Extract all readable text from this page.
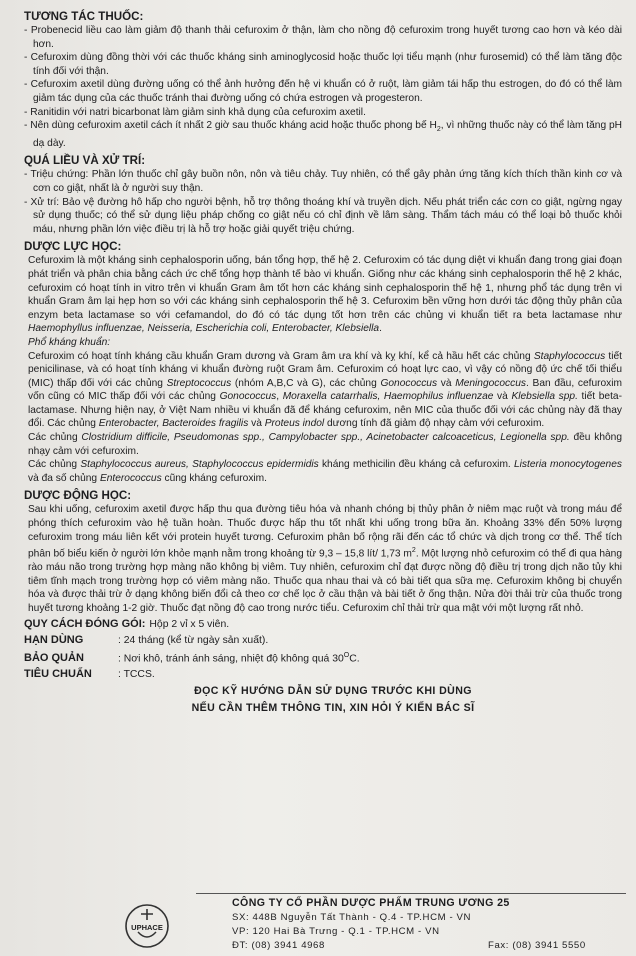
TƯƠNG TÁC THUỐC:

- Probenecid liều cao làm giảm độ thanh thải cefuroxim ở thận, làm cho nồng độ cefuroxim trong huyết tương cao hơn và kéo dài hơn.

- Cefuroxim dùng đồng thời với các thuốc kháng sinh aminoglycosid hoặc thuốc lợi tiểu mạnh (như furosemid) có thể làm tăng độc tính đối với thận.

- Cefuroxim axetil dùng đường uống có thể ảnh hưởng đến hệ vi khuẩn có ở ruột, làm giảm tái hấp thu estrogen, do đó có thể làm giảm tác dụng của các thuốc tránh thai đường uống có chứa estrogen và progesteron.

- Ranitidin với natri bicarbonat làm giảm sinh khả dụng của cefuroxim axetil.

- Nên dùng cefuroxim axetil cách ít nhất 2 giờ sau thuốc kháng acid hoặc thuốc phong bế $H_2$, vì những thuốc này có thể làm tăng pH dạ dày.

QUÁ LIỀU VÀ XỬ TRÍ:

- Triệu chứng: Phần lớn thuốc chỉ gây buồn nôn, nôn và tiêu chảy. Tuy nhiên, có thể gây phản ứng tăng kích thích thần kinh cơ và cơn co giật, nhất là ở người suy thận.

- Xử trí: Bảo vệ đường hô hấp cho người bệnh, hỗ trợ thông thoáng khí và truyền dịch. Nếu phát triển các cơn co giật, ngừng ngay sử dụng thuốc; có thể sử dụng liệu pháp chống co giật nếu có chỉ định về lâm sàng. Thẩm tách máu có thể loại bỏ thuốc khỏi máu, nhưng phần lớn việc điều trị là hỗ trợ hoặc giải quyết triệu chứng.

DƯỢC LỰC HỌC:

Cefuroxim là một kháng sinh cephalosporin uống, bán tổng hợp, thế hệ 2. Cefuroxim có tác dụng diệt vi khuẩn đang trong giai đoạn phát triển và phân chia bằng cách ức chế tổng hợp thành tế bào vi khuẩn. Giống như các kháng sinh cephalosporin thế hệ 2 khác, cefuroxim có hoạt tính in vitro trên vi khuẩn Gram âm tốt hơn các kháng sinh cephalosporin thế hệ 1, nhưng phổ tác dụng trên vi khuẩn Gram âm lại hẹp hơn so với các kháng sinh cephalosporin thế hệ 3. Cefuroxim bền vững hơn dưới tác động thủy phân của enzym beta lactamase so với cefamandol, do đó có tác dụng tốt hơn trên các chủng vi khuẩn tiết ra beta lactamase như Haemophyllus influenzae, Neisseria, Escherichia coli, Enterobacter, Klebsiella.

Phổ kháng khuẩn:

Cefuroxim có hoạt tính kháng cầu khuẩn Gram dương và Gram âm ưa khí và kỵ khí, kể cả hầu hết các chủng Staphylococcus tiết penicilinase, và có hoạt tính kháng vi khuẩn đường ruột Gram âm. Cefuroxim có hoạt lực cao, vì vậy có nồng độ ức chế tối thiểu (MIC) thấp đối với các chủng Streptococcus (nhóm A,B,C và G), các chủng Gonococcus và Meningococcus. Ban đầu, cefuroxim vốn cũng có MIC thấp đối với các chủng Gonococcus, Moraxella catarrhalis, Haemophilus influenzae và Klebsiella spp. tiết beta-lactamase. Nhưng hiện nay, ở Việt Nam nhiều vi khuẩn đã để kháng cefuroxim, nên MIC của thuốc đối với các chủng này đã thay đổi. Các chủng Enterobacter, Bacteroides fragilis và Proteus indol dương tính đã giảm độ nhạy cảm với cefuroxim.

Các chủng Clostridium difficile, Pseudomonas spp., Campylobacter spp., Acinetobacter calcoaceticus, Legionella spp. đều không nhạy cảm với cefuroxim.

Các chủng Staphylococcus aureus, Staphylococcus epidermidis kháng methicilin đều kháng cả cefuroxim. Listeria monocytogenes và đa số chủng Enterococcus cũng kháng cefuroxim.

DƯỢC ĐỘNG HỌC:

Sau khi uống, cefuroxim axetil được hấp thu qua đường tiêu hóa và nhanh chóng bị thủy phân ở niêm mạc ruột và trong máu để phóng thích cefuroxim vào hệ tuần hoàn. Thuốc được hấp thu tốt nhất khi uống trong bữa ăn. Khoảng 33% đến 50% lượng cefuroxim trong máu liên kết với protein huyết tương. Cefuroxim phân bố rộng rãi đến các tổ chức và dịch trong cơ thể. Thể tích phân bố biểu kiến ở người lớn khỏe mạnh nằm trong khoảng từ 9,3 – 15,8 lít/ 1,73 $m^2$. Một lượng nhỏ cefuroxim có thể đi qua hàng rào máu não trong trường hợp màng não không bị viêm. Tuy nhiên, cefuroxim chỉ đạt được nồng độ điều trị trong dịch não tủy khi tiêm tĩnh mạch trong trường hợp có viêm màng não. Thuốc qua nhau thai và có bài tiết qua sữa mẹ. Cefuroxim không bị chuyển hóa và được thải trừ ở dạng không biến đổi cả theo cơ chế lọc ở cầu thận và bài tiết ở ống thận. Nửa đời thải trừ của thuốc trong huyết tương khoảng 1-2 giờ. Thuốc đạt nồng độ cao trong nước tiểu. Cefuroxim chỉ thải trừ qua mật với một lượng rất nhỏ.

QUY CÁCH ĐÓNG GÓI: Hộp 2 vỉ x 5 viên.
HẠN DÙNG	: 24 tháng (kể từ ngày sản xuất).
BẢO QUẢN	: Nơi khô, tránh ánh sáng, nhiệt độ không quá $30^OC$.
TIÊU CHUẨN	: TCCS.
ĐỌC KỸ HƯỚNG DẪN SỬ DỤNG TRƯỚC KHI DÙNG
NẾU CẦN THÊM THÔNG TIN, XIN HỎI Ý KIẾN BÁC SĨ
UPHACE
CÔNG TY CỔ PHẦN DƯỢC PHẨM TRUNG ƯƠNG 25
SX: 448B Nguyễn Tất Thành - Q.4 - TP.HCM - VN
VP: 120 Hai Bà Trưng - Q.1 - TP.HCM - VN
ĐT: (08) 3941 4968	Fax: (08) 3941 5550
